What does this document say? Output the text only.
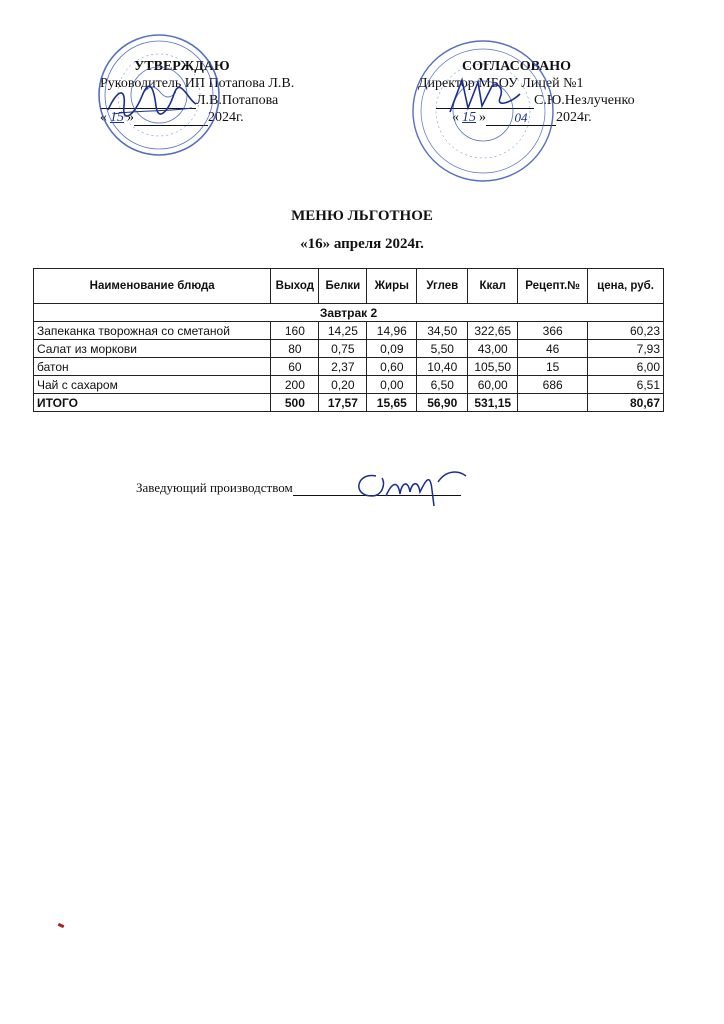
УТВЕРЖДАЮ
Руководитель ИП Потапова Л.В.
Л.В.Потапова
« 15 »	2024г.
СОГЛАСОВАНО
Директор МБОУ Лицей №1
С.Ю.Незлученко
« 15 »	04	2024г.
МЕНЮ ЛЬГОТНОЕ
«16» апреля 2024г.
Наименование блюда	Выход	Белки	Жиры	Углев	Ккал	Рецепт.№	цена, руб.
Завтрак 2							
Запеканка творожная со сметаной	160	14,25	14,96	34,50	322,65	366	60,23
Салат из моркови	80	0,75	0,09	5,50	43,00	46	7,93
батон	60	2,37	0,60	10,40	105,50	15	6,00
Чай с сахаром	200	0,20	0,00	6,50	60,00	686	6,51
ИТОГО	500	17,57	15,65	56,90	531,15		80,67
Заведующий производством
